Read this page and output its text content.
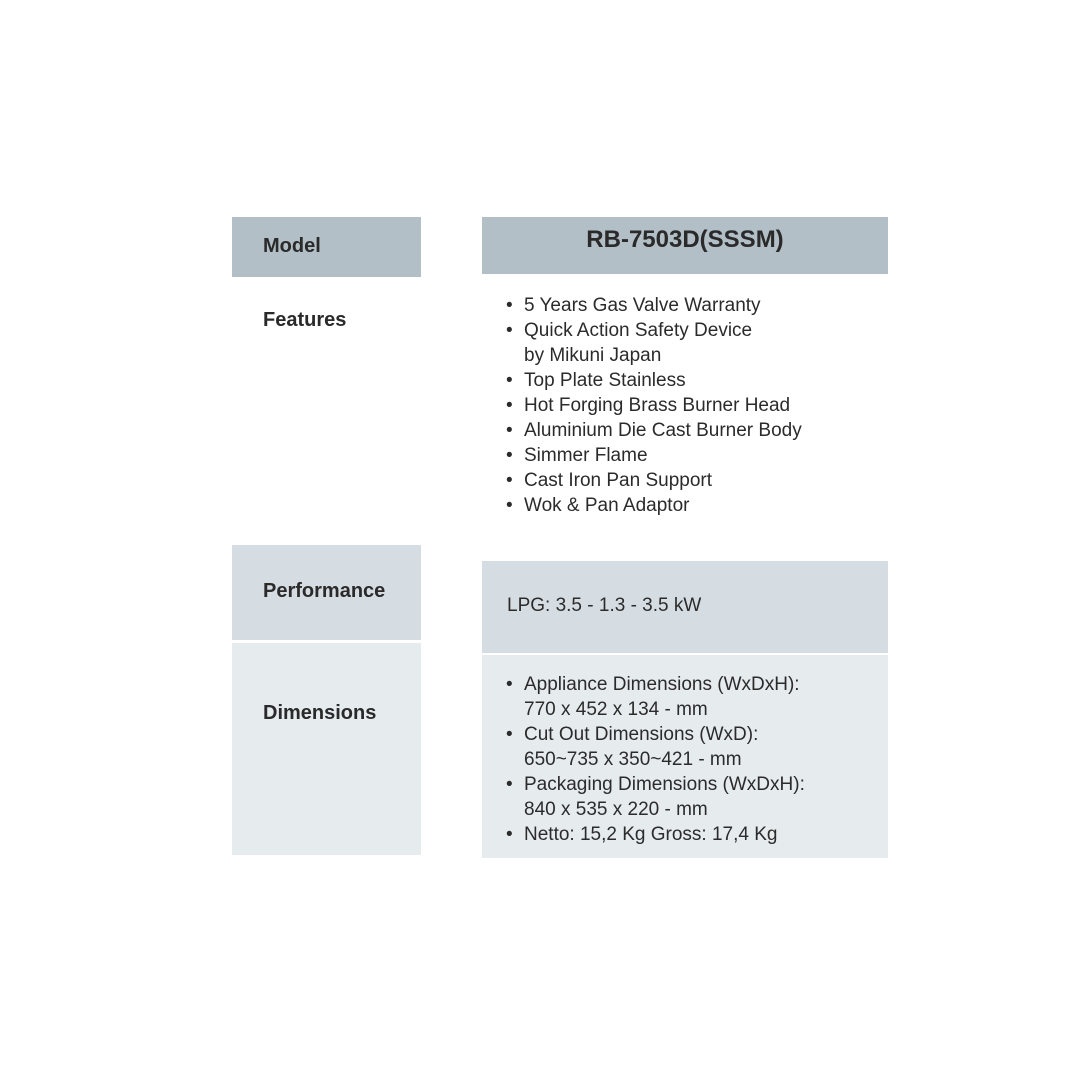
Model	RB-7503D(SSSM)
Features
• 5 Years Gas Valve Warranty
• Quick Action Safety Device
by Mikuni Japan
• Top Plate Stainless
• Hot Forging Brass Burner Head
• Aluminium Die Cast Burner Body
• Simmer Flame
• Cast Iron Pan Support
• Wok & Pan Adaptor
Performance
LPG: 3.5 - 1.3 - 3.5 kW
Dimensions
• Appliance Dimensions (WxDxH):
770 x 452 x 134 - mm
• Cut Out Dimensions (WxD):
650~735 x 350~421 - mm
• Packaging Dimensions (WxDxH):
840 x 535 x 220 - mm
• Netto: 15,2 Kg Gross: 17,4 Kg
